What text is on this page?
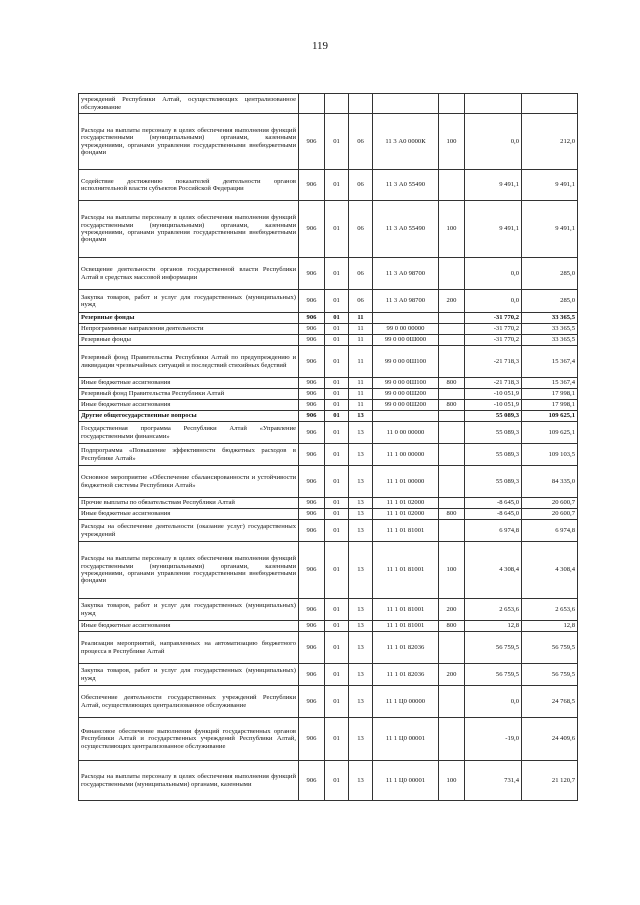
119
учреждений Республики Алтай, осуществляющих централизованное обслуживание							
Расходы на выплаты персоналу в целях обеспечения выполнения функций государственными (муниципальными) органами, казенными учреждениями, органами управления государственными внебюджетными фондами	906	01	06	11 3 А0 0000К	100	0,0	212,0
Содействие достижению показателей деятельности органов исполнительной власти субъектов Российской Федерации	906	01	06	11 3 А0 55490		9 491,1	9 491,1
Расходы на выплаты персоналу в целях обеспечения выполнения функций государственными (муниципальными) органами, казенными учреждениями, органами управления государственными внебюджетными фондами	906	01	06	11 3 А0 55490	100	9 491,1	9 491,1
Освещение деятельности органов государственной власти Республики Алтай в средствах массовой информации	906	01	06	11 3 А0 98700		0,0	285,0
Закупка товаров, работ и услуг для государственных (муниципальных) нужд	906	01	06	11 3 А0 98700	200	0,0	285,0
Резервные фонды	906	01	11			-31 770,2	33 365,5
Непрограммные направления деятельности	906	01	11	99 0 00 00000		-31 770,2	33 365,5
Резервные фонды	906	01	11	99 0 00 0Ш000		-31 770,2	33 365,5
Резервный фонд Правительства Республики Алтай по предупреждению и ликвидации чрезвычайных ситуаций и последствий стихийных бедствий	906	01	11	99 0 00 0Ш100		-21 718,3	15 367,4
Иные бюджетные ассигнования	906	01	11	99 0 00 0Ш100	800	-21 718,3	15 367,4
Резервный фонд Правительства Республики Алтай	906	01	11	99 0 00 0Ш200		-10 051,9	17 998,1
Иные бюджетные ассигнования	906	01	11	99 0 00 0Ш200	800	-10 051,9	17 998,1
Другие общегосударственные вопросы	906	01	13			55 089,3	109 625,1
Государственная программа Республики Алтай «Управление государственными финансами»	906	01	13	11 0 00 00000		55 089,3	109 625,1
Подпрограмма «Повышение эффективности бюджетных расходов в Республике Алтай»	906	01	13	11 1 00 00000		55 089,3	109 103,5
Основное мероприятие «Обеспечение сбалансированности и устойчивости бюджетной системы Республики Алтай»	906	01	13	11 1 01 00000		55 089,3	84 335,0
Прочие выплаты по обязательствам Республики Алтай	906	01	13	11 1 01 02000		-8 645,0	20 600,7
Иные бюджетные ассигнования	906	01	13	11 1 01 02000	800	-8 645,0	20 600,7
Расходы на обеспечение деятельности (оказание услуг) государственных учреждений	906	01	13	11 1 01 81001		6 974,8	6 974,8
Расходы на выплаты персоналу в целях обеспечения выполнения функций государственными (муниципальными) органами, казенными учреждениями, органами управления государственными внебюджетными фондами	906	01	13	11 1 01 81001	100	4 308,4	4 308,4
Закупка товаров, работ и услуг для государственных (муниципальных) нужд	906	01	13	11 1 01 81001	200	2 653,6	2 653,6
Иные бюджетные ассигнования	906	01	13	11 1 01 81001	800	12,8	12,8
Реализация мероприятий, направленных на автоматизацию бюджетного процесса в Республике Алтай	906	01	13	11 1 01 82036		56 759,5	56 759,5
Закупка товаров, работ и услуг для государственных (муниципальных) нужд	906	01	13	11 1 01 82036	200	56 759,5	56 759,5
Обеспечение деятельности государственных учреждений Республики Алтай, осуществляющих централизованное обслуживание	906	01	13	11 1 Ц0 00000		0,0	24 768,5
Финансовое обеспечение выполнения функций государственных органов Республики Алтай и государственных учреждений Республики Алтай, осуществляющих централизованное обслуживание	906	01	13	11 1 Ц0 00001		-19,0	24 409,6
Расходы на выплаты персоналу в целях обеспечения выполнения функций государственными (муниципальными) органами, казенными	906	01	13	11 1 Ц0 00001	100	731,4	21 120,7
